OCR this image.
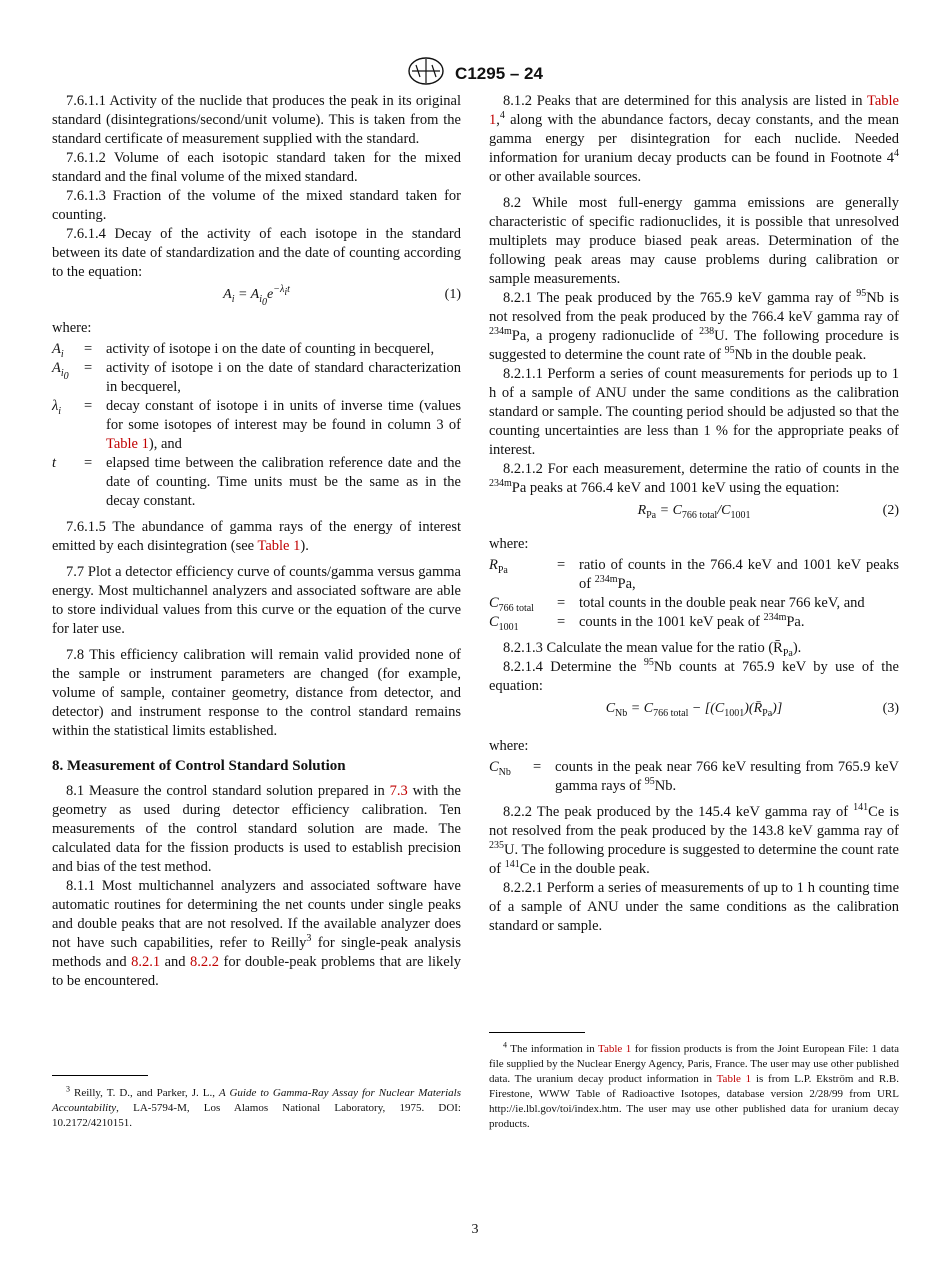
C1295 – 24

7.6.1.1 Activity of the nuclide that produces the peak in its original standard (disintegrations/second/unit volume). This is taken from the standard certificate of measurement supplied with the standard.

7.6.1.2 Volume of each isotopic standard taken for the mixed standard and the final volume of the mixed standard.

7.6.1.3 Fraction of the volume of the mixed standard taken for counting.

7.6.1.4 Decay of the activity of each isotope in the standard between its date of standardization and the date of counting according to the equation:

$A_i = A_{i_0}e^{-\lambda_it}$	(1)
where:
$A_i$	=	activity of isotope i on the date of counting in becquerel,
$A_{i_0}$	=	activity of isotope i on the date of standard characterization in becquerel,
$\lambda_i$	=	decay constant of isotope i in units of inverse time (values for some isotopes of interest may be found in column 3 of Table 1), and
t	=	elapsed time between the calibration reference date and the date of counting. Time units must be the same as in the decay constant.

7.6.1.5 The abundance of gamma rays of the energy of interest emitted by each disintegration (see Table 1).

7.7 Plot a detector efficiency curve of counts/gamma versus gamma energy. Most multichannel analyzers and associated software are able to store individual values from this curve or the equation of the curve for later use.

7.8 This efficiency calibration will remain valid provided none of the sample or instrument parameters are changed (for example, volume of sample, container geometry, distance from detector, and detector) and instrument response to the control standard remains within the statistical limits established.

8. Measurement of Control Standard Solution

8.1 Measure the control standard solution prepared in 7.3 with the geometry as used during detector efficiency calibration. Ten measurements of the control standard solution are made. The calculated data for the fission products is used to establish precision and bias of the test method.

8.1.1 Most multichannel analyzers and associated software have automatic routines for determining the net counts under single peaks and double peaks that are not resolved. If the available analyzer does not have such capabilities, refer to Reilly$^3$ for single-peak analysis methods and 8.2.1 and 8.2.2 for double-peak problems that are likely to be encountered.

$^3$ Reilly, T. D., and Parker, J. L., A Guide to Gamma-Ray Assay for Nuclear Materials Accountability, LA-5794-M, Los Alamos National Laboratory, 1975. DOI: 10.2172/4210151.

8.1.2 Peaks that are determined for this analysis are listed in Table 1,$^4$ along with the abundance factors, decay constants, and the mean gamma energy per disintegration for each nuclide. Needed information for uranium decay products can be found in Footnote $4^4$ or other available sources.

8.2 While most full-energy gamma emissions are generally characteristic of specific radionuclides, it is possible that unresolved multiplets may produce biased peak areas. Determination of the following peak areas may cause problems during calibration or sample measurements.

8.2.1 The peak produced by the 765.9 keV gamma ray of $^{95}$Nb is not resolved from the peak produced by the 766.4 keV gamma ray of $^{234m}$Pa, a progeny radionuclide of $^{238}$U. The following procedure is suggested to determine the count rate of $^{95}$Nb in the double peak.

8.2.1.1 Perform a series of count measurements for periods up to 1 h of a sample of ANU under the same conditions as the calibration standard or sample. The counting period should be adjusted so that the counting uncertainties are less than 1 % for the appropriate peaks of interest.

8.2.1.2 For each measurement, determine the ratio of counts in the $^{234m}$Pa peaks at 766.4 keV and 1001 keV using the equation:

$R_{Pa} = C_{766 total}/C_{1001}$	(2)
where:
$R_{Pa}$	=	ratio of counts in the 766.4 keV and 1001 keV peaks of $^{234m}$Pa,
$C_{766 total}$	=	total counts in the double peak near 766 keV, and
$C_{1001}$	=	counts in the 1001 keV peak of $^{234m}$Pa.

8.2.1.3 Calculate the mean value for the ratio $(R̄_{Pa})$.

8.2.1.4 Determine the $^{95}$Nb counts at 765.9 keV by use of the equation:

$C_{Nb} = C_{766 total}$ − $[(C_{1001})(R̄_{Pa})]$	(3)
where:
$C_{Nb}$	=	counts in the peak near 766 keV resulting from 765.9 keV gamma rays of $^{95}$Nb.

8.2.2 The peak produced by the 145.4 keV gamma ray of $^{141}$Ce is not resolved from the peak produced by the 143.8 keV gamma ray of $^{235}$U. The following procedure is suggested to determine the count rate of $^{141}$Ce in the double peak.

8.2.2.1 Perform a series of measurements of up to 1 h counting time of a sample of ANU under the same conditions as the calibration standard or sample.

$^4$ The information in Table 1 for fission products is from the Joint European File: 1 data file supplied by the Nuclear Energy Agency, Paris, France. The user may use other published data. The uranium decay product information in Table 1 is from L.P. Ekström and R.B. Firestone, WWW Table of Radioactive Isotopes, database version 2/28/99 from URL http://ie.lbl.gov/toi/index.htm. The user may use other published data for uranium decay products.
3
